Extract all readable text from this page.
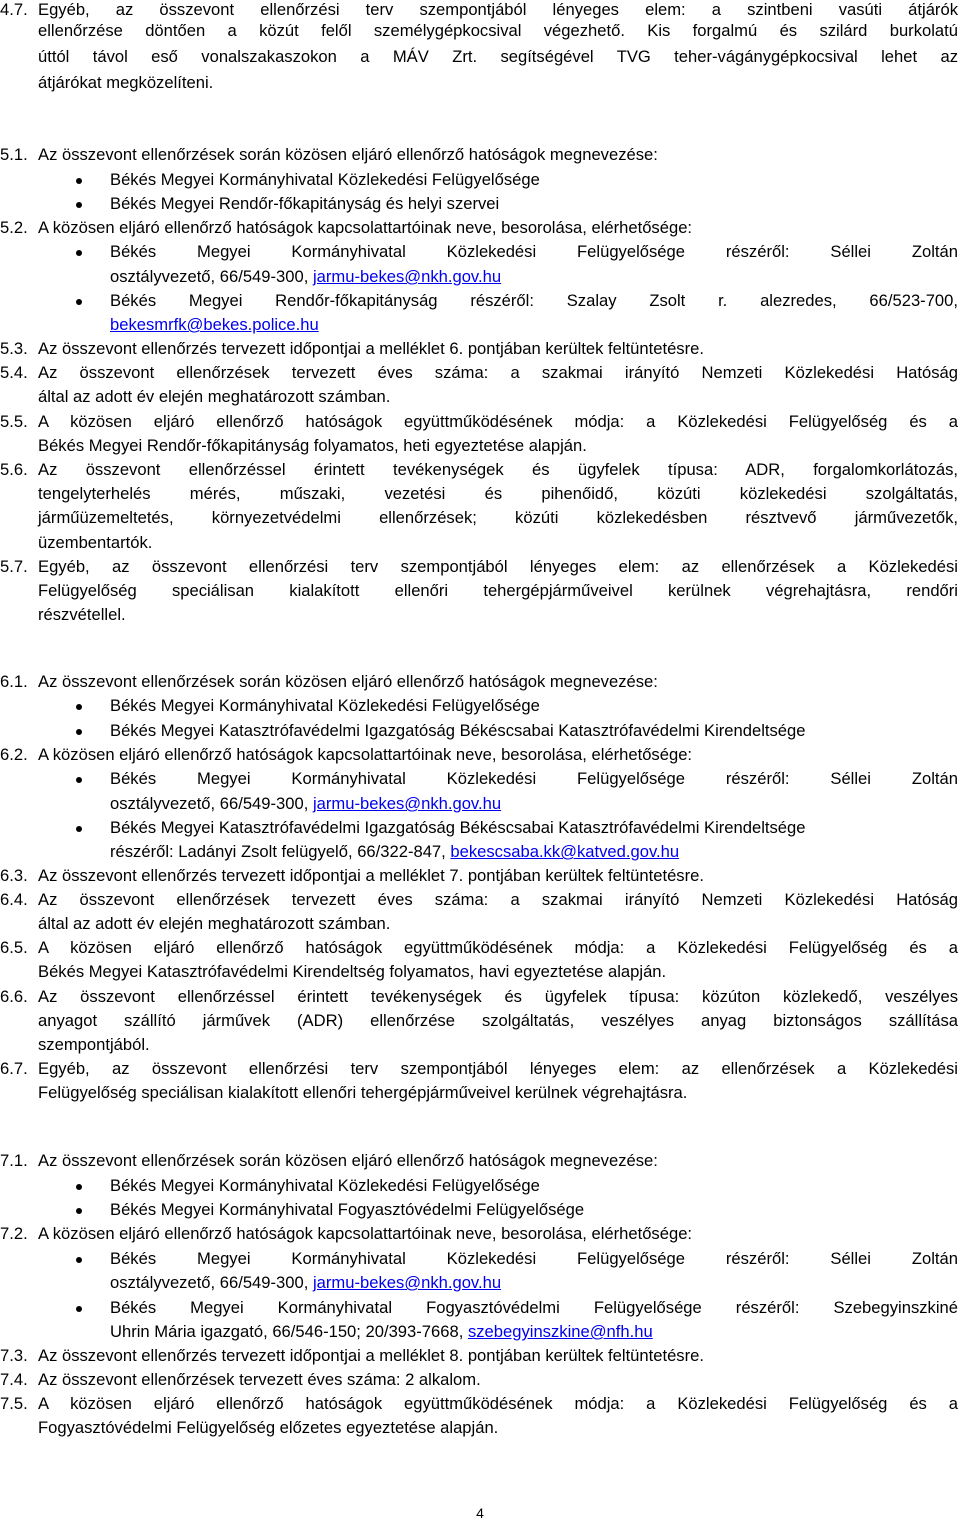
4.7. Egyéb, az összevont ellenőrzési terv szempontjából lényeges elem: a szintbeni vasúti átjárók
ellenőrzése döntően a közút felől személygépkocsival végezhető. Kis forgalmú és szilárd burkolatú
úttól távol eső vonalszakaszokon a MÁV Zrt. segítségével TVG teher-vágánygépkocsival lehet az
átjárókat megközelíteni.
5.1. Az összevont ellenőrzések során közösen eljáró ellenőrző hatóságok megnevezése:
Békés Megyei Kormányhivatal Közlekedési Felügyelősége
Békés Megyei Rendőr-főkapitányság és helyi szervei
5.2. A közösen eljáró ellenőrző hatóságok kapcsolattartóinak neve, besorolása, elérhetősége:
Békés Megyei Kormányhivatal Közlekedési Felügyelősége részéről: Séllei Zoltán
osztályvezető, 66/549-300, jarmu-bekes@nkh.gov.hu
Békés Megyei Rendőr-főkapitányság részéről: Szalay Zsolt r. alezredes, 66/523-700,
bekesmrfk@bekes.police.hu
5.3. Az összevont ellenőrzés tervezett időpontjai a melléklet 6. pontjában kerültek feltüntetésre.
5.4. Az összevont ellenőrzések tervezett éves száma: a szakmai irányító Nemzeti Közlekedési Hatóság
által az adott év elején meghatározott számban.
5.5. A közösen eljáró ellenőrző hatóságok együttműködésének módja: a Közlekedési Felügyelőség és a
Békés Megyei Rendőr-főkapitányság folyamatos, heti egyeztetése alapján.
5.6. Az összevont ellenőrzéssel érintett tevékenységek és ügyfelek típusa: ADR, forgalomkorlátozás,
tengelyterhelés mérés, műszaki, vezetési és pihenőidő, közúti közlekedési szolgáltatás,
járműüzemeltetés, környezetvédelmi ellenőrzések; közúti közlekedésben résztvevő járművezetők,
üzembentartók.
5.7. Egyéb, az összevont ellenőrzési terv szempontjából lényeges elem: az ellenőrzések a Közlekedési
Felügyelőség speciálisan kialakított ellenőri tehergépjárműveivel kerülnek végrehajtásra, rendőri
részvétellel.
6.1. Az összevont ellenőrzések során közösen eljáró ellenőrző hatóságok megnevezése:
Békés Megyei Kormányhivatal Közlekedési Felügyelősége
Békés Megyei Katasztrófavédelmi Igazgatóság Békéscsabai Katasztrófavédelmi Kirendeltsége
6.2. A közösen eljáró ellenőrző hatóságok kapcsolattartóinak neve, besorolása, elérhetősége:
Békés Megyei Kormányhivatal Közlekedési Felügyelősége részéről: Séllei Zoltán
osztályvezető, 66/549-300, jarmu-bekes@nkh.gov.hu
Békés Megyei Katasztrófavédelmi Igazgatóság Békéscsabai Katasztrófavédelmi Kirendeltsége
részéről: Ladányi Zsolt felügyelő, 66/322-847, bekescsaba.kk@katved.gov.hu
6.3. Az összevont ellenőrzés tervezett időpontjai a melléklet 7. pontjában kerültek feltüntetésre.
6.4. Az összevont ellenőrzések tervezett éves száma: a szakmai irányító Nemzeti Közlekedési Hatóság
által az adott év elején meghatározott számban.
6.5. A közösen eljáró ellenőrző hatóságok együttműködésének módja: a Közlekedési Felügyelőség és a
Békés Megyei Katasztrófavédelmi Kirendeltség folyamatos, havi egyeztetése alapján.
6.6. Az összevont ellenőrzéssel érintett tevékenységek és ügyfelek típusa: közúton közlekedő, veszélyes
anyagot szállító járművek (ADR) ellenőrzése szolgáltatás, veszélyes anyag biztonságos szállítása
szempontjából.
6.7. Egyéb, az összevont ellenőrzési terv szempontjából lényeges elem: az ellenőrzések a Közlekedési
Felügyelőség speciálisan kialakított ellenőri tehergépjárműveivel kerülnek végrehajtásra.
7.1. Az összevont ellenőrzések során közösen eljáró ellenőrző hatóságok megnevezése:
Békés Megyei Kormányhivatal Közlekedési Felügyelősége
Békés Megyei Kormányhivatal Fogyasztóvédelmi Felügyelősége
7.2. A közösen eljáró ellenőrző hatóságok kapcsolattartóinak neve, besorolása, elérhetősége:
Békés Megyei Kormányhivatal Közlekedési Felügyelősége részéről: Séllei Zoltán
osztályvezető, 66/549-300, jarmu-bekes@nkh.gov.hu
Békés Megyei Kormányhivatal Fogyasztóvédelmi Felügyelősége részéről: Szebegyinszkiné
Uhrin Mária igazgató, 66/546-150; 20/393-7668, szebegyinszkine@nfh.hu
7.3. Az összevont ellenőrzés tervezett időpontjai a melléklet 8. pontjában kerültek feltüntetésre.
7.4. Az összevont ellenőrzések tervezett éves száma: 2 alkalom.
7.5. A közösen eljáró ellenőrző hatóságok együttműködésének módja: a Közlekedési Felügyelőség és a
Fogyasztóvédelmi Felügyelőség előzetes egyeztetése alapján.
4
